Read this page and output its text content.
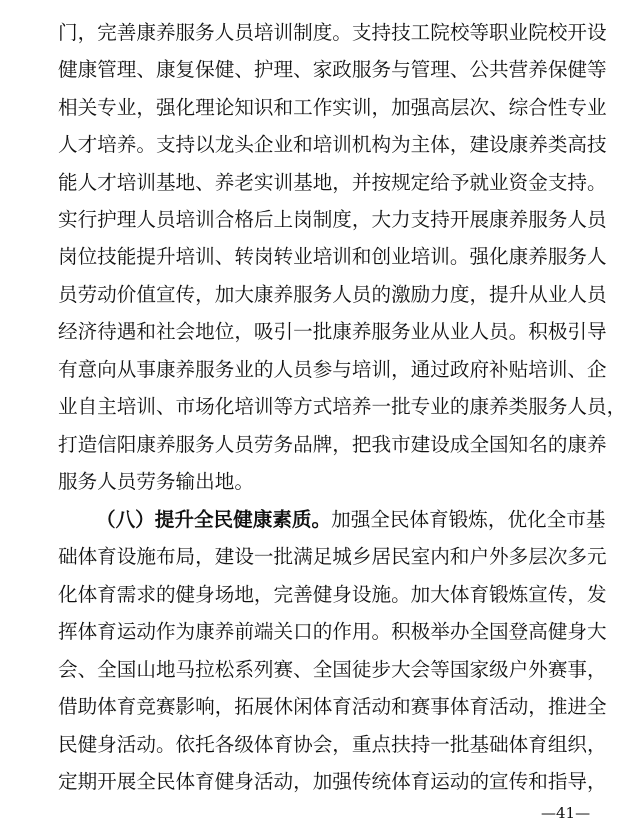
门，完善康养服务人员培训制度。支持技工院校等职业院校开设
健康管理、康复保健、护理、家政服务与管理、公共营养保健等
相关专业，强化理论知识和工作实训，加强高层次、综合性专业
人才培养。支持以龙头企业和培训机构为主体，建设康养类高技
能人才培训基地、养老实训基地，并按规定给予就业资金支持。
实行护理人员培训合格后上岗制度，大力支持开展康养服务人员
岗位技能提升培训、转岗转业培训和创业培训。强化康养服务人
员劳动价值宣传，加大康养服务人员的激励力度，提升从业人员
经济待遇和社会地位，吸引一批康养服务业从业人员。积极引导
有意向从事康养服务业的人员参与培训，通过政府补贴培训、企
业自主培训、市场化培训等方式培养一批专业的康养类服务人员，
打造信阳康养服务人员劳务品牌，把我市建设成全国知名的康养
服务人员劳务输出地。
（八）提升全民健康素质。加强全民体育锻炼，优化全市基
础体育设施布局，建设一批满足城乡居民室内和户外多层次多元
化体育需求的健身场地，完善健身设施。加大体育锻炼宣传，发
挥体育运动作为康养前端关口的作用。积极举办全国登高健身大
会、全国山地马拉松系列赛、全国徒步大会等国家级户外赛事，
借助体育竞赛影响，拓展休闲体育活动和赛事体育活动，推进全
民健身活动。依托各级体育协会，重点扶持一批基础体育组织，
定期开展全民体育健身活动，加强传统体育运动的宣传和指导，
—41—
